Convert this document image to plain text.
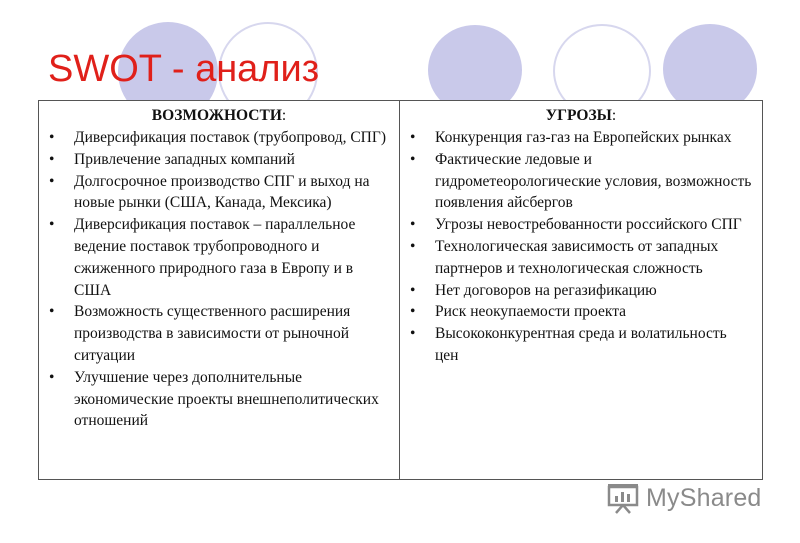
SWOT - анализ
ВОЗМОЖНОСТИ:
• Диверсификация поставок (трубопровод, СПГ)
• Привлечение западных компаний
• Долгосрочное производство СПГ и выход на новые рынки (США, Канада, Мексика)
• Диверсификация поставок – параллельное ведение поставок трубопроводного и сжиженного природного газа в Европу и в США
• Возможность существенного расширения производства в зависимости от рыночной ситуации
• Улучшение через дополнительные экономические проекты внешнеполитических отношений
УГРОЗЫ:
• Конкуренция газ-газ на Европейских рынках
• Фактические ледовые и гидрометеорологические условия, возможность появления айсбергов
• Угрозы невостребованности российского СПГ
• Технологическая зависимость от западных партнеров и технологическая сложность
• Нет договоров на регазификацию
• Риск неокупаемости проекта
• Высококонкурентная среда и волатильность цен
MyShared
